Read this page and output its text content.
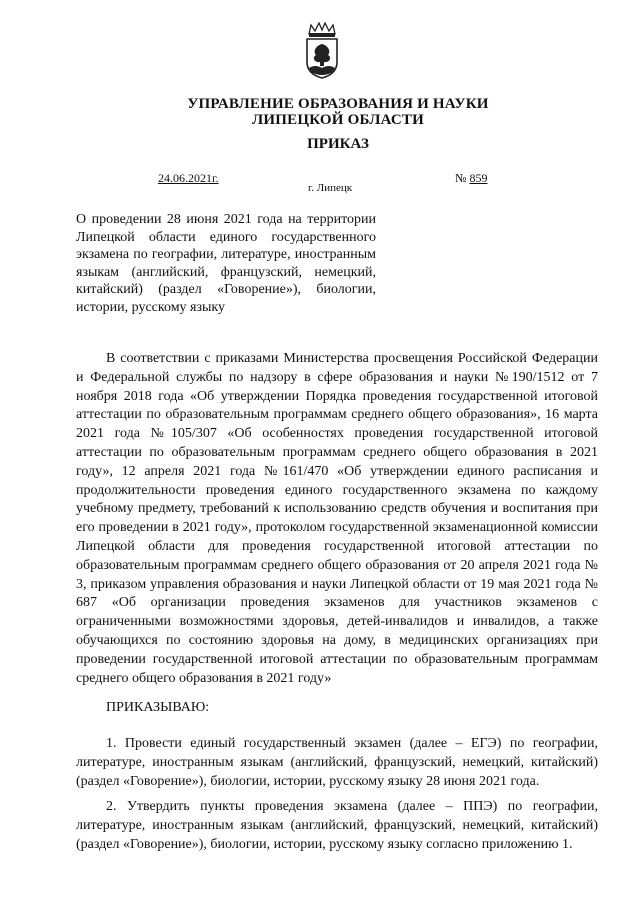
УПРАВЛЕНИЕ ОБРАЗОВАНИЯ И НАУКИ
ЛИПЕЦКОЙ ОБЛАСТИ
ПРИКАЗ
24.06.2021г.	№ 859
г. Липецк
О проведении 28 июня 2021 года на территории Липецкой области единого государственного экзамена по географии, литературе, иностранным языкам (английский, французский, немецкий, китайский) (раздел «Говорение»), биологии, истории, русскому языку
В соответствии с приказами Министерства просвещения Российской Федерации и Федеральной службы по надзору в сфере образования и науки №190/1512 от 7 ноября 2018 года «Об утверждении Порядка проведения государственной итоговой аттестации по образовательным программам среднего общего образования», 16 марта 2021 года №105/307 «Об особенностях проведения государственной итоговой аттестации по образовательным программам среднего общего образования в 2021 году», 12 апреля 2021 года №161/470 «Об утверждении единого расписания и продолжительности проведения единого государственного экзамена по каждому учебному предмету, требований к использованию средств обучения и воспитания при его проведении в 2021 году», протоколом государственной экзаменационной комиссии Липецкой области для проведения государственной итоговой аттестации по образовательным программам среднего общего образования от 20 апреля 2021 года № 3, приказом управления образования и науки Липецкой области от 19 мая 2021 года № 687 «Об организации проведения экзаменов для участников экзаменов с ограниченными возможностями здоровья, детей-инвалидов и инвалидов, а также обучающихся по состоянию здоровья на дому, в медицинских организациях при проведении государственной итоговой аттестации по образовательным программам среднего общего образования в 2021 году»
ПРИКАЗЫВАЮ:
1. Провести единый государственный экзамен (далее – ЕГЭ) по географии, литературе, иностранным языкам (английский, французский, немецкий, китайский) (раздел «Говорение»), биологии, истории, русскому языку 28 июня 2021 года.
2. Утвердить пункты проведения экзамена (далее – ППЭ) по географии, литературе, иностранным языкам (английский, французский, немецкий, китайский) (раздел «Говорение»), биологии, истории, русскому языку согласно приложению 1.
